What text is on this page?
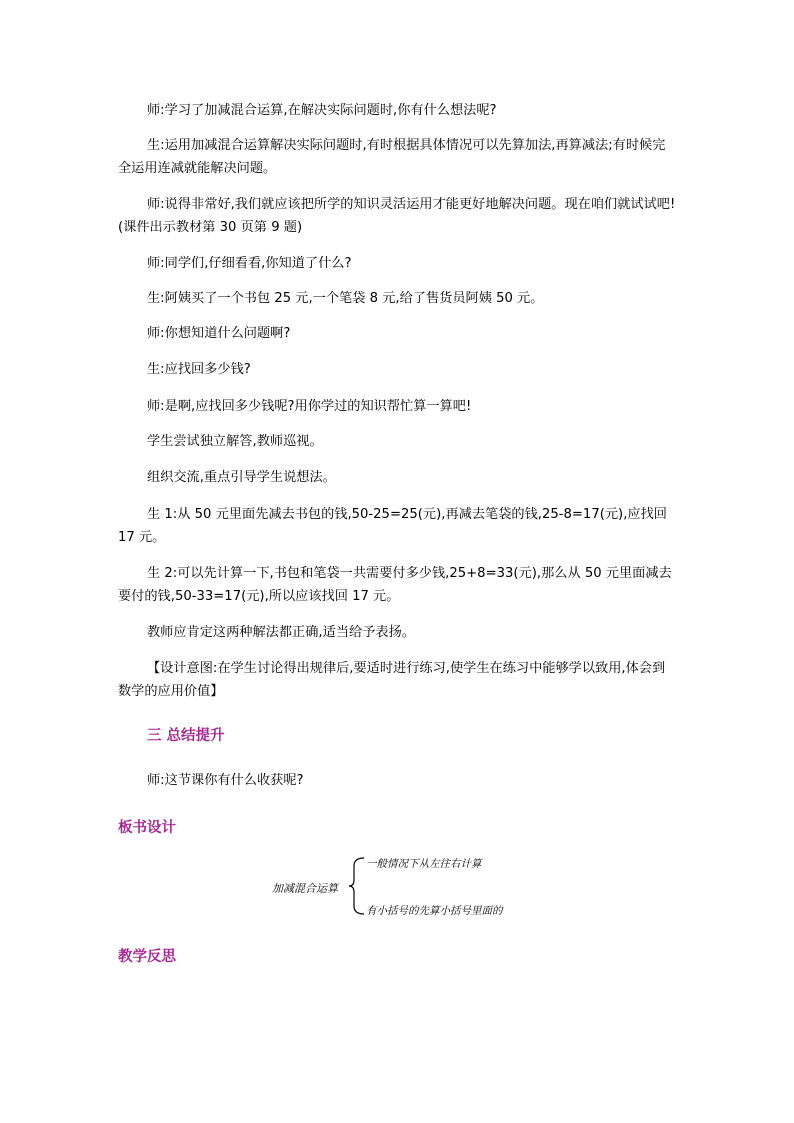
师:学习了加减混合运算,在解决实际问题时,你有什么想法呢?
生:运用加减混合运算解决实际问题时,有时根据具体情况可以先算加法,再算减法;有时候完全运用连减就能解决问题。
师:说得非常好,我们就应该把所学的知识灵活运用才能更好地解决问题。现在咱们就试试吧!(课件出示教材第 30 页第 9 题)
师:同学们,仔细看看,你知道了什么?
生:阿姨买了一个书包 25 元,一个笔袋 8 元,给了售货员阿姨 50 元。
师:你想知道什么问题啊?
生:应找回多少钱?
师:是啊,应找回多少钱呢?用你学过的知识帮忙算一算吧!
学生尝试独立解答,教师巡视。
组织交流,重点引导学生说想法。
生 1:从 50 元里面先减去书包的钱,50-25=25(元),再减去笔袋的钱,25-8=17(元),应找回 17 元。
生 2:可以先计算一下,书包和笔袋一共需要付多少钱,25+8=33(元),那么从 50 元里面减去要付的钱,50-33=17(元),所以应该找回 17 元。
教师应肯定这两种解法都正确,适当给予表扬。
【设计意图:在学生讨论得出规律后,要适时进行练习,使学生在练习中能够学以致用,体会到数学的应用价值】
三 总结提升
师:这节课你有什么收获呢?
板书设计
加减混合运算
一般情况下从左往右计算
有小括号的先算小括号里面的
教学反思
